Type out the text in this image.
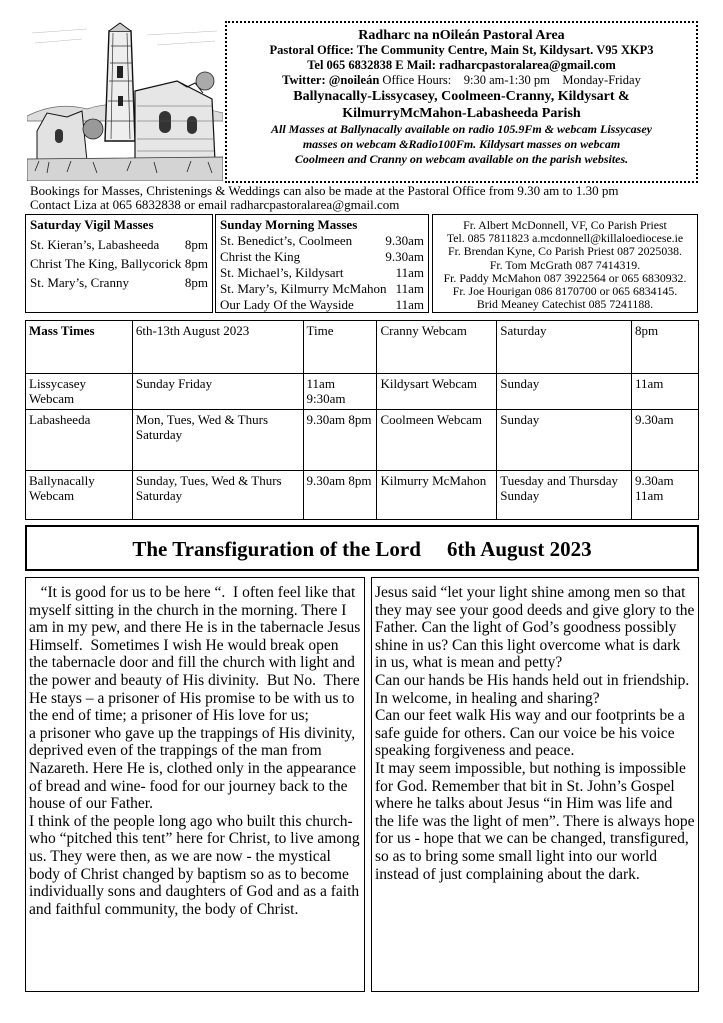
Radharc na nOileán Pastoral Area
Pastoral Office: The Community Centre, Main St, Kildysart. V95 XKP3
Tel 065 6832838 E Mail: radharcpastoralarea@gmail.com
Twitter: @noileán Office Hours:    9:30 am-1:30 pm    Monday-Friday
Ballynacally-Lissycasey, Coolmeen-Cranny, Kildysart &
KilmurryMcMahon-Labasheeda Parish
All Masses at Ballynacally available on radio 105.9Fm & webcam Lissycasey
masses on webcam &Radio100Fm. Kildysart masses on webcam
Coolmeen and Cranny on webcam available on the parish websites.
Bookings for Masses, Christenings & Weddings can also be made at the Pastoral Office from 9.30 am to 1.30 pm
Contact Liza at 065 6832838 or email radharcpastoralarea@gmail.com
Saturday Vigil Masses
St. Kieran’s, Labasheeda 8pm
Christ The King, Ballycorick 8pm
St. Mary’s, Cranny	8pm
Sunday Morning Masses
St. Benedict’s, Coolmeen	9.30am
Christ the King	9.30am
St. Michael’s, Kildysart	11am
St. Mary’s, Kilmurry McMahon 11am
Our Lady Of the Wayside	11am
Fr. Albert McDonnell, VF, Co Parish Priest
Tel. 085 7811823 a.mcdonnell@killaloediocese.ie
Fr. Brendan Kyne, Co Parish Priest 087 2025038.
Fr. Tom McGrath 087 7414319.
Fr. Paddy McMahon 087 3922564 or 065 6830932.
Fr. Joe Hourigan 086 8170700 or 065 6834145.
Brid Meaney Catechist 085 7241188.
Mass Times	6th-13th August 2023	Time	Cranny Webcam	Saturday	8pm
Lissycasey Webcam	Sunday Friday	11am 9:30am	Kildysart Webcam	Sunday	11am
Labasheeda	Mon, Tues, Wed & Thurs Saturday	9.30am 8pm	Coolmeen Webcam	Sunday	9.30am
Ballynacally Webcam	Sunday, Tues, Wed & Thurs Saturday	9.30am 8pm	Kilmurry McMahon	Tuesday and Thursday Sunday	9.30am 11am
The Transfiguration of the Lord 6th August 2023

“It is good for us to be here “.  I often feel like that myself sitting in the church in the morning. There I am in my pew, and there He is in the tabernacle Jesus Himself.  Sometimes I wish He would break open the tabernacle door and fill the church with light and the power and beauty of His divinity.  But No.  There He stays – a prisoner of His promise to be with us to the end of time; a prisoner of His love for us;

a prisoner who gave up the trappings of His divinity, deprived even of the trappings of the man from Nazareth. Here He is, clothed only in the appearance of bread and wine- food for our journey back to the house of our Father.

I think of the people long ago who built this church- who “pitched this tent” here for Christ, to live among us. They were then, as we are now - the mystical body of Christ changed by baptism so as to become individually sons and daughters of God and as a faith and faithful community, the body of Christ.

Jesus said “let your light shine among men so that they may see your good deeds and give glory to the Father. Can the light of God’s goodness possibly shine in us? Can this light overcome what is dark in us, what is mean and petty?

Can our hands be His hands held out in friendship. In welcome, in healing and sharing?

Can our feet walk His way and our footprints be a safe guide for others. Can our voice be his voice speaking forgiveness and peace.

It may seem impossible, but nothing is impossible for God. Remember that bit in St. John’s Gospel where he talks about Jesus “in Him was life and the life was the light of men”. There is always hope for us - hope that we can be changed, transfigured, so as to bring some small light into our world instead of just complaining about the dark.
